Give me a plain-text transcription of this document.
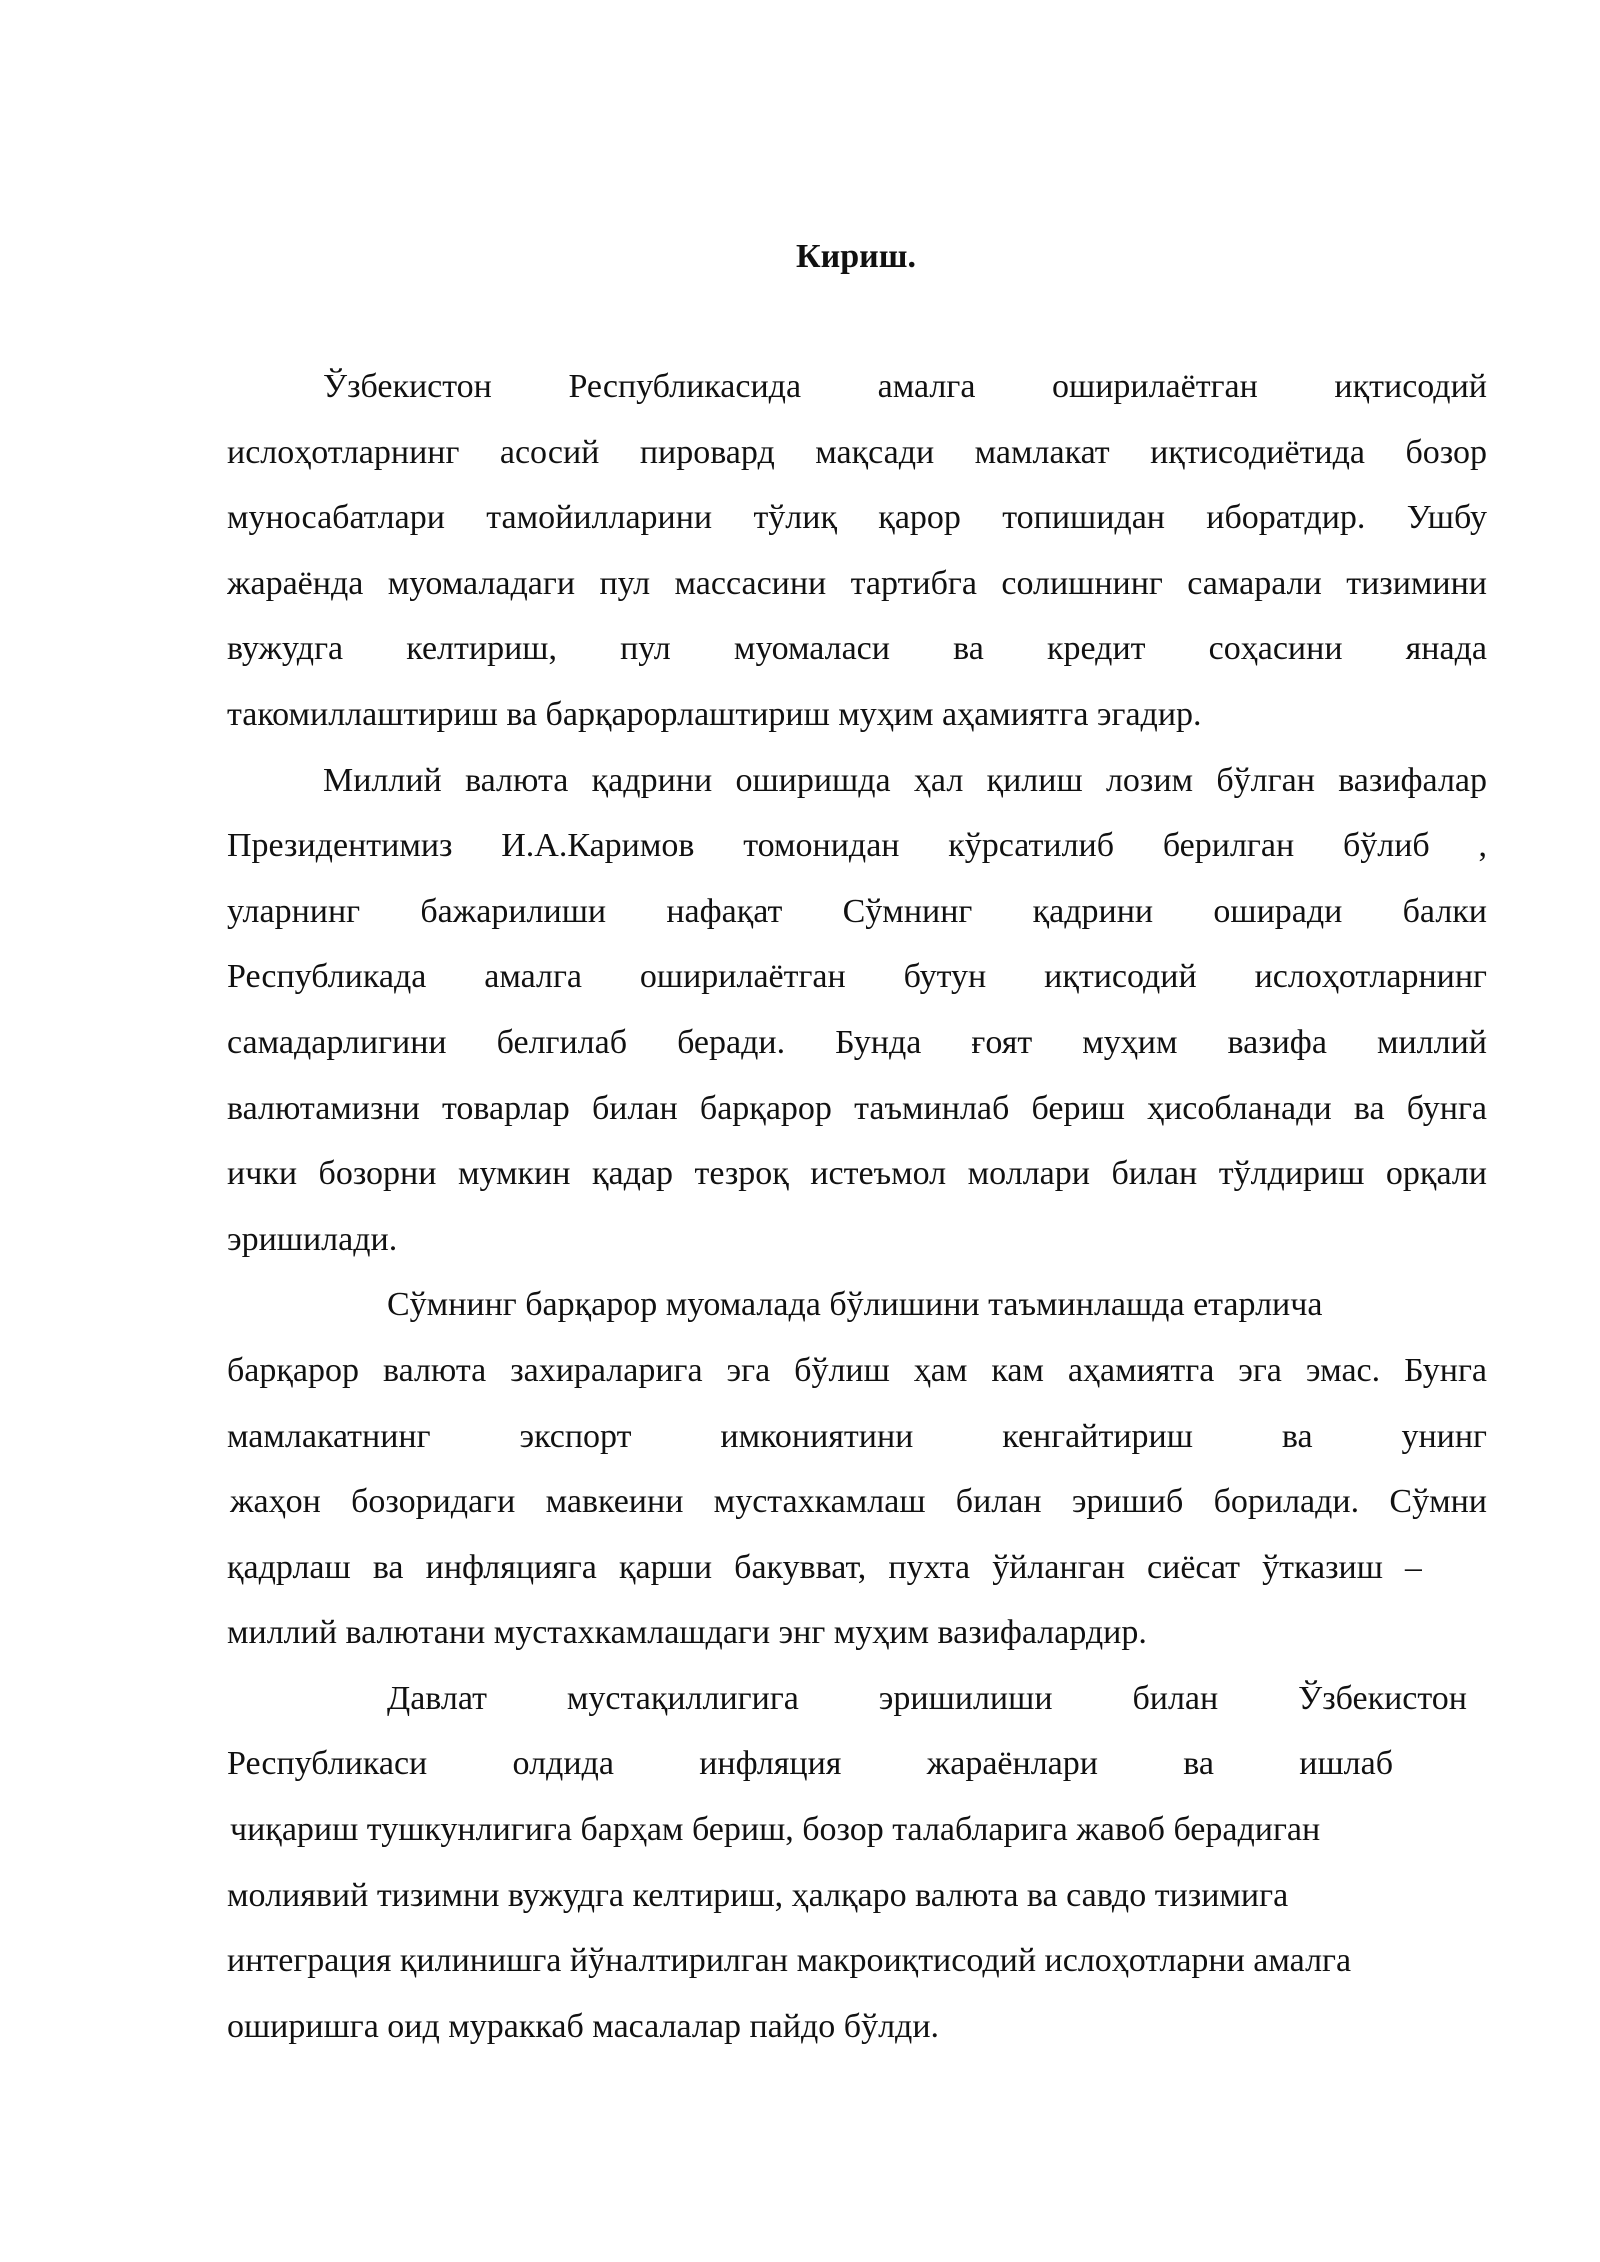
Кириш.
Ўзбекистон Республикасида амалга оширилаётган иқтисодий
ислоҳотларнинг асосий пировард мақсади мамлакат иқтисодиётида бозор
муносабатлари тамойилларини тўлиқ қарор топишидан иборатдир. Ушбу
жараёнда муомаладаги пул массасини тартибга солишнинг самарали тизимини
вужудга келтириш, пул муомаласи ва кредит соҳасини янада
такомиллаштириш ва барқарорлаштириш муҳим аҳамиятга эгадир.
Миллий валюта қадрини оширишда ҳал қилиш лозим бўлган вазифалар
Президентимиз И.А.Каримов томонидан кўрсатилиб берилган бўлиб ,
уларнинг бажарилиши нафақат Сўмнинг қадрини оширади балки
Республикада амалга оширилаётган бутун иқтисодий ислоҳотларнинг
самадарлигини белгилаб беради. Бунда ғоят муҳим вазифа миллий
валютамизни товарлар билан барқарор таъминлаб бериш ҳисобланади ва бунга
ички бозорни мумкин қадар тезроқ истеъмол моллари билан тўлдириш орқали
эришилади.
Сўмнинг барқарор муомалада бўлишини таъминлашда етарлича
барқарор валюта захираларига эга бўлиш ҳам кам аҳамиятга эга эмас. Бунга
мамлакатнинг экспорт имкониятини кенгайтириш ва унинг
жаҳон бозоридаги мавкеини мустахкамлаш билан эришиб борилади. Сўмни
қадрлаш ва инфляцияга қарши бакувват, пухта ўйланган сиёсат ўтказиш –
миллий валютани мустахкамлашдаги энг муҳим вазифалардир.
Давлат мустақиллигига эришилиши билан Ўзбекистон
Республикаси олдида инфляция жараёнлари ва ишлаб
чиқариш тушкунлигига барҳам бериш, бозор талабларига жавоб берадиган
молиявий тизимни вужудга келтириш, ҳалқаро валюта ва савдо тизимига
интеграция қилинишга йўналтирилган макроиқтисодий ислоҳотларни амалга
оширишга оид мураккаб масалалар пайдо бўлди.
